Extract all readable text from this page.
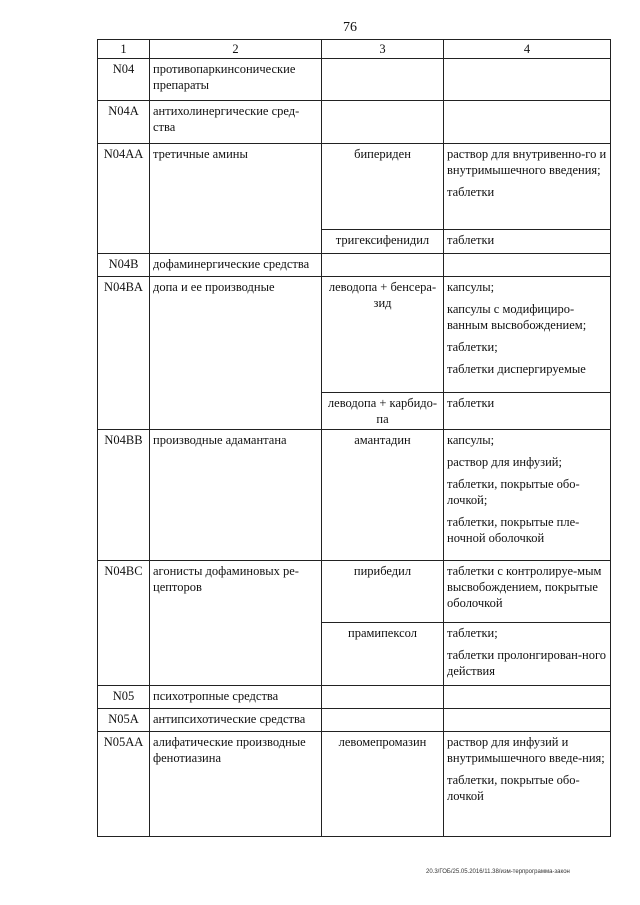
76
1	2	3	4
N04	противопаркинсонические препараты		
N04A	антихолинергические сред-ства		
N04AA	третичные амины	бипериден	раствор для внутривенно-го и внутримышечного введения;
таблетки

		тригексифенидил	таблетки

N04B	дофаминергические средства		
N04BA	допа и ее производные	леводопа + бенсера-зид	капсулы;
капсулы с модифициро-ванным высвобождением;
таблетки;
таблетки диспергируемые

		леводопа + карбидо-па	таблетки

N04BB	производные адамантана	амантадин	капсулы;
раствор для инфузий;
таблетки, покрытые обо-лочкой;
таблетки, покрытые пле-ночной оболочкой

N04BC	агонисты дофаминовых ре-цепторов	пирибедил	таблетки с контролируе-мым высвобождением, покрытые оболочкой

		прамипексол	таблетки;
таблетки пролонгирован-ного действия

N05	психотропные средства		
N05A	антипсихотические средства		
N05AA	алифатические производные фенотиазина	левомепромазин	раствор для инфузий и внутримышечного введе-ния;
таблетки, покрытые обо-лочкой
20.3/ГОБ/25.05.2016/11.38/изм-терпрограмма-закон
